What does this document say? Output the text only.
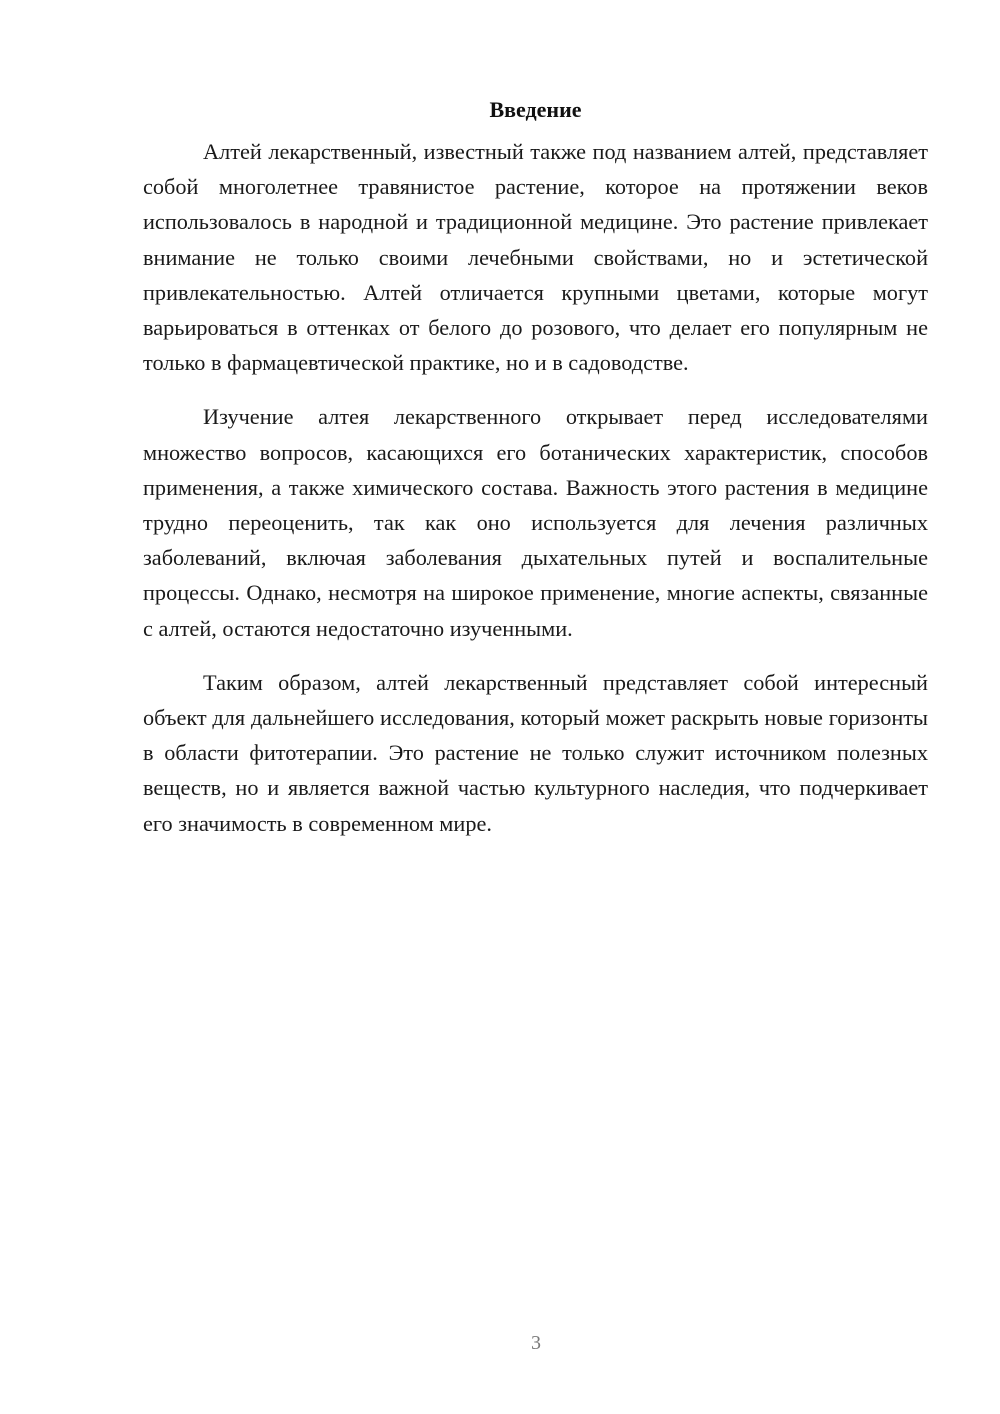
Введение

Алтей лекарственный, известный также под названием алтей, представляет собой многолетнее травянистое растение, которое на протяжении веков использовалось в народной и традиционной медицине. Это растение привлекает внимание не только своими лечебными свойствами, но и эстетической привлекательностью. Алтей отличается крупными цветами, которые могут варьироваться в оттенках от белого до розового, что делает его популярным не только в фармацевтической практике, но и в садоводстве.

Изучение алтея лекарственного открывает перед исследователями множество вопросов, касающихся его ботанических характеристик, способов применения, а также химического состава. Важность этого растения в медицине трудно переоценить, так как оно используется для лечения различных заболеваний, включая заболевания дыхательных путей и воспалительные процессы. Однако, несмотря на широкое применение, многие аспекты, связанные с алтей, остаются недостаточно изученными.

Таким образом, алтей лекарственный представляет собой интересный объект для дальнейшего исследования, который может раскрыть новые горизонты в области фитотерапии. Это растение не только служит источником полезных веществ, но и является важной частью культурного наследия, что подчеркивает его значимость в современном мире.

3
